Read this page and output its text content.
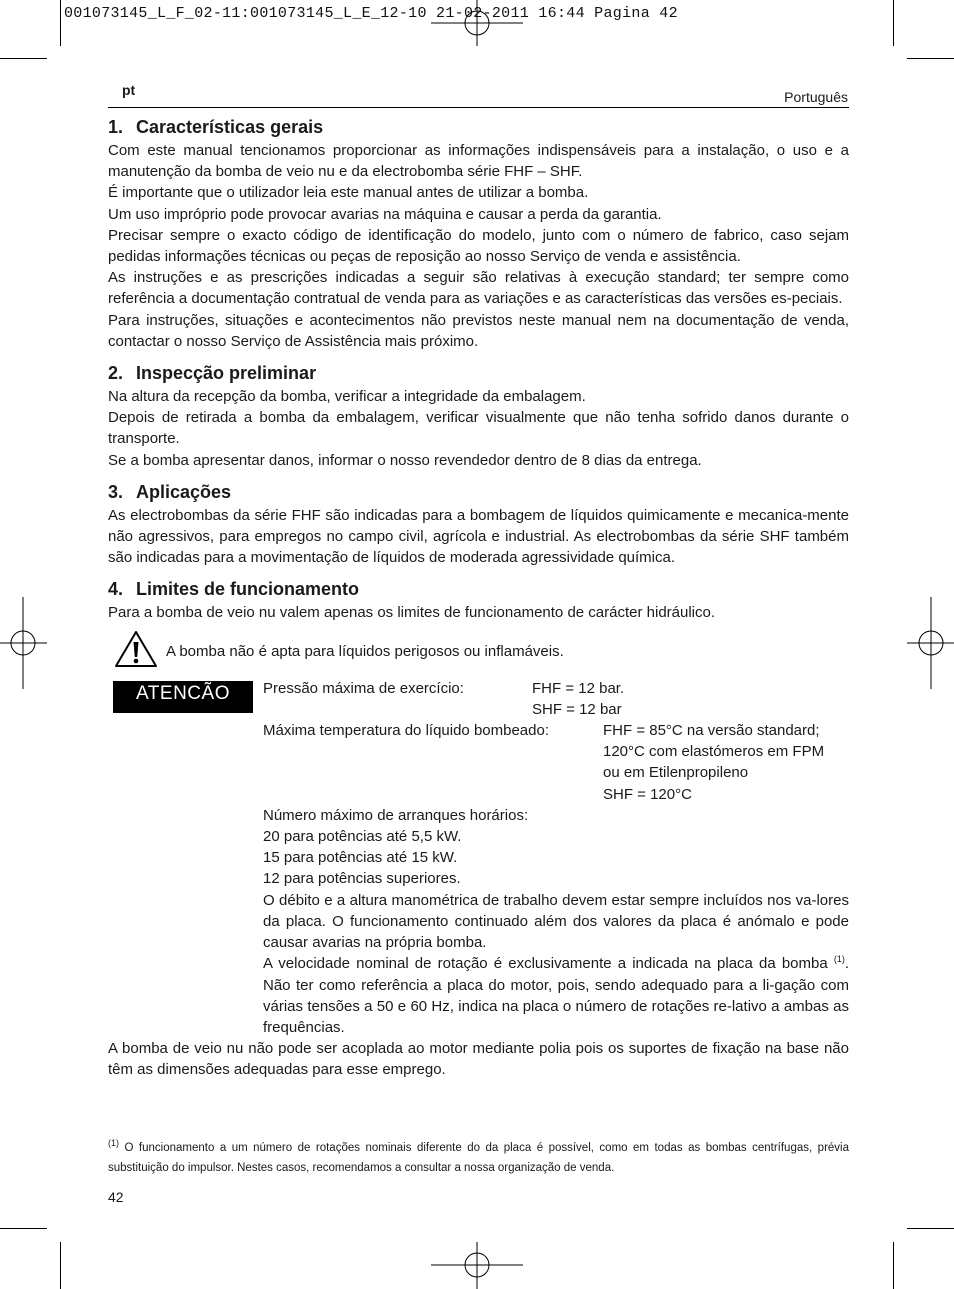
001073145_L_F_02-11:001073145_L_E_12-10 21-02-2011 16:44 Pagina 42
pt	Português
1. Características gerais

Com este manual tencionamos proporcionar as informações indispensáveis para a instalação, o uso e a manutenção da bomba de veio nu e da electrobomba série FHF – SHF.

É importante que o utilizador leia este manual antes de utilizar a bomba.

Um uso impróprio pode provocar avarias na máquina e causar a perda da garantia.

Precisar sempre o exacto código de identificação do modelo, junto com o número de fabrico, caso sejam pedidas informações técnicas ou peças de reposição ao nosso Serviço de venda e assistência.

As instruções e as prescrições indicadas a seguir são relativas à execução standard; ter sempre como referência a documentação contratual de venda para as variações e as características das versões es-peciais.

Para instruções, situações e acontecimentos não previstos neste manual nem na documentação de venda, contactar o nosso Serviço de Assistência mais próximo.

2. Inspecção preliminar

Na altura da recepção da bomba, verificar a integridade da embalagem.

Depois de retirada a bomba da embalagem, verificar visualmente que não tenha sofrido danos durante o transporte.

Se a bomba apresentar danos, informar o nosso revendedor dentro de 8 dias da entrega.

3. Aplicações

As electrobombas da série FHF são indicadas para a bombagem de líquidos quimicamente e mecanica-mente não agressivos, para empregos no campo civil, agrícola e industrial. As electrobombas da série SHF também são indicadas para a movimentação de líquidos de moderada agressividade química.

4. Limites de funcionamento

Para a bomba de veio nu valem apenas os limites de funcionamento de carácter hidráulico.

A bomba não é apta para líquidos perigosos ou inflamáveis.
ATENCÃO	Pressão máxima de exercício:	FHF = 12 bar.
SHF = 12 bar
Máxima temperatura do líquido bombeado:	FHF = 85°C na versão standard;
120°C com elastómeros em FPM
ou em Etilenpropileno
SHF = 120°C
Número máximo de arranques horários:
20 para potências até 5,5 kW.
15 para potências até 15 kW.
12 para potências superiores.

O débito e a altura manométrica de trabalho devem estar sempre incluídos nos va-lores da placa. O funcionamento continuado além dos valores da placa é anómalo e pode causar avarias na própria bomba.

A velocidade nominal de rotação é exclusivamente a indicada na placa da bomba $^{(1)}$. Não ter como referência a placa do motor, pois, sendo adequado para a li-gação com várias tensões a 50 e 60 Hz, indica na placa o número de rotações re-lativo a ambas as frequências.

A bomba de veio nu não pode ser acoplada ao motor mediante polia pois os suportes de fixação na base não têm as dimensões adequadas para esse emprego.

$^{(1)}$ O funcionamento a um número de rotações nominais diferente do da placa é possível, como em todas as bombas centrífugas, prévia substituição do impulsor. Nestes casos, recomendamos a consultar a nossa organização de venda.
42
